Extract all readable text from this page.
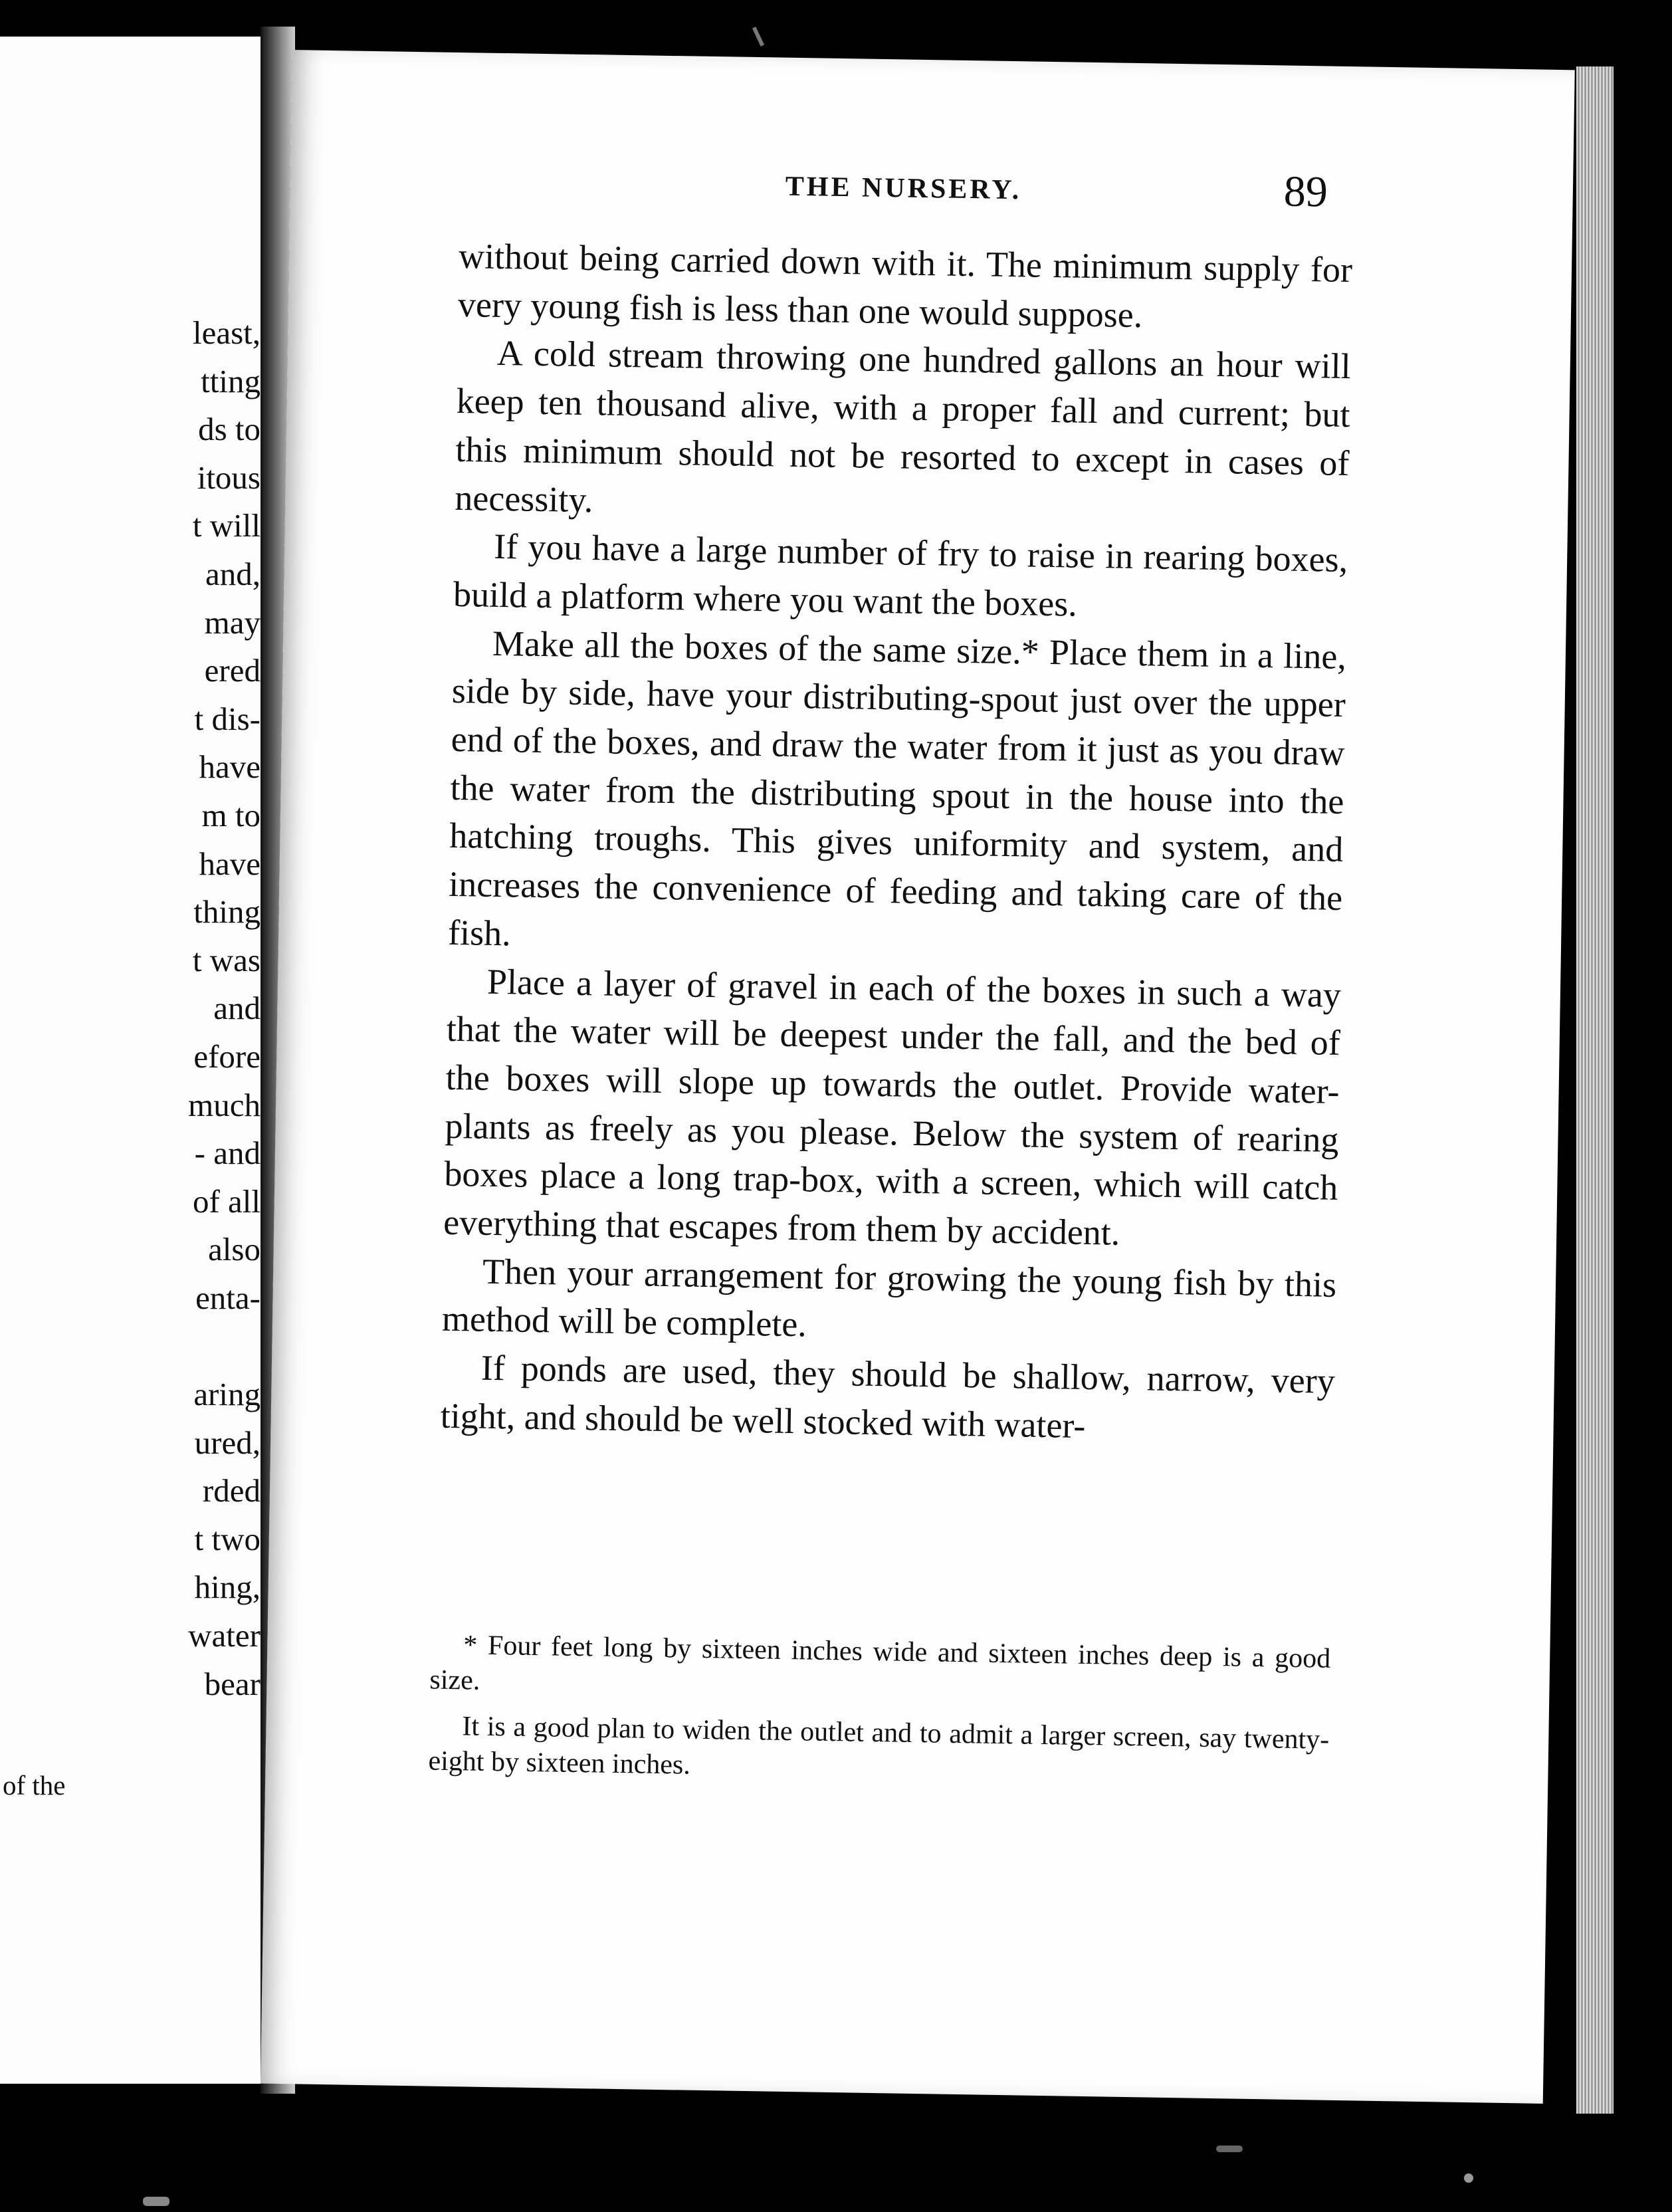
least,
tting
ds to
itous
t will
and,
may
ered
t dis-
have
m to
have
thing
t was
and
efore
much
- and
of all
also
enta-
aring
ured,
rded
t two
hing,
water
bear
of the
THE NURSERY.	89

without being carried down with it. The minimum supply for very young fish is less than one would suppose.

A cold stream throwing one hundred gallons an hour will keep ten thousand alive, with a proper fall and current; but this minimum should not be resorted to except in cases of necessity.

If you have a large number of fry to raise in rearing boxes, build a platform where you want the boxes.

Make all the boxes of the same size.* Place them in a line, side by side, have your distributing-spout just over the upper end of the boxes, and draw the water from it just as you draw the water from the distributing spout in the house into the hatching troughs. This gives uniformity and system, and increases the convenience of feeding and taking care of the fish.

Place a layer of gravel in each of the boxes in such a way that the water will be deepest under the fall, and the bed of the boxes will slope up towards the outlet. Provide water-plants as freely as you please. Below the system of rearing boxes place a long trap-box, with a screen, which will catch everything that escapes from them by accident.

Then your arrangement for growing the young fish by this method will be complete.

If ponds are used, they should be shallow, narrow, very tight, and should be well stocked with water-

* Four feet long by sixteen inches wide and sixteen inches deep is a good size.

It is a good plan to widen the outlet and to admit a larger screen, say twenty-eight by sixteen inches.
